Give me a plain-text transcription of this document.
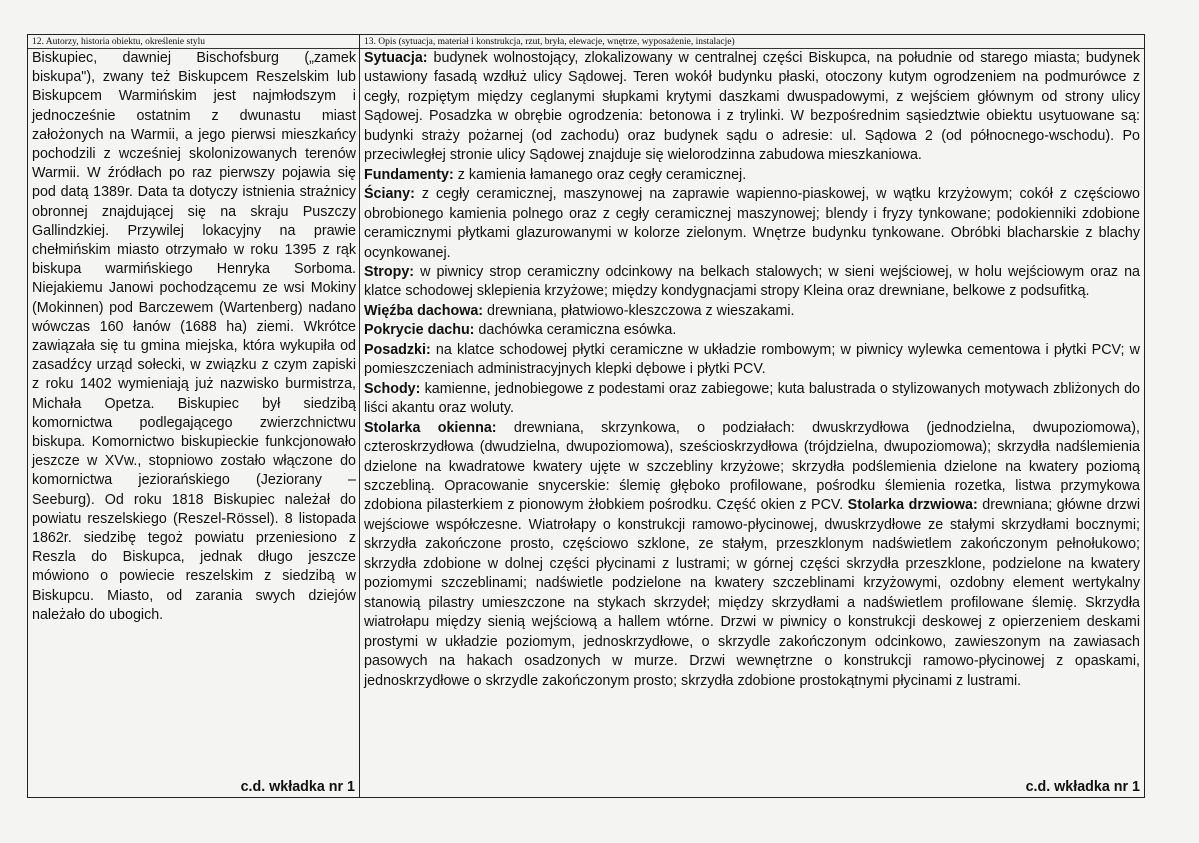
12. Autorzy, historia obiektu, określenie stylu

Biskupiec, dawniej Bischofsburg („zamek biskupa"), zwany też Biskupcem Reszelskim lub Biskupcem Warmińskim jest najmłodszym i jednocześnie ostatnim z dwunastu miast założonych na Warmii, a jego pierwsi mieszkańcy pochodzili z wcześniej skolonizowanych terenów Warmii. W źródłach po raz pierwszy pojawia się pod datą 1389r. Data ta dotyczy istnienia strażnicy obronnej znajdującej się na skraju Puszczy Gallindzkiej. Przywilej lokacyjny na prawie chełmińskim miasto otrzymało w roku 1395 z rąk biskupa warmińskiego Henryka Sorboma. Niejakiemu Janowi pochodzącemu ze wsi Mokiny (Mokinnen) pod Barczewem (Wartenberg) nadano wówczas 160 łanów (1688 ha) ziemi. Wkrótce zawiązała się tu gmina miejska, która wykupiła od zasadźcy urząd sołecki, w związku z czym zapiski z roku 1402 wymieniają już nazwisko burmistrza, Michała Opetza. Biskupiec był siedzibą komornictwa podlegającego zwierzchnictwu biskupa. Komornictwo biskupieckie funkcjonowało jeszcze w XVw., stopniowo zostało włączone do komornictwa jeziorańskiego (Jeziorany – Seeburg). Od roku 1818 Biskupiec należał do powiatu reszelskiego (Reszel-Rössel). 8 listopada 1862r. siedzibę tegoż powiatu przeniesiono z Reszla do Biskupca, jednak długo jeszcze mówiono o powiecie reszelskim z siedzibą w Biskupcu. Miasto, od zarania swych dziejów należało do ubogich.

c.d. wkładka nr 1
13. Opis (sytuacja, materiał i konstrukcja, rzut, bryła, elewacje, wnętrze, wyposażenie, instalacje)

Sytuacja: budynek wolnostojący, zlokalizowany w centralnej części Biskupca, na południe od starego miasta; budynek ustawiony fasadą wzdłuż ulicy Sądowej. Teren wokół budynku płaski, otoczony kutym ogrodzeniem na podmurówce z cegły, rozpiętym między ceglanymi słupkami krytymi daszkami dwuspadowymi, z wejściem głównym od strony ulicy Sądowej. Posadzka w obrębie ogrodzenia: betonowa i z trylinki. W bezpośrednim sąsiedztwie obiektu usytuowane są: budynki straży pożarnej (od zachodu) oraz budynek sądu o adresie: ul. Sądowa 2 (od północnego-wschodu). Po przeciwległej stronie ulicy Sądowej znajduje się wielorodzinna zabudowa mieszkaniowa.

Fundamenty: z kamienia łamanego oraz cegły ceramicznej.

Ściany: z cegły ceramicznej, maszynowej na zaprawie wapienno-piaskowej, w wątku krzyżowym; cokół z częściowo obrobionego kamienia polnego oraz z cegły ceramicznej maszynowej; blendy i fryzy tynkowane; podokienniki zdobione ceramicznymi płytkami glazurowanymi w kolorze zielonym. Wnętrze budynku tynkowane. Obróbki blacharskie z blachy ocynkowanej.

Stropy: w piwnicy strop ceramiczny odcinkowy na belkach stalowych; w sieni wejściowej, w holu wejściowym oraz na klatce schodowej sklepienia krzyżowe; między kondygnacjami stropy Kleina oraz drewniane, belkowe z podsufitką.

Więźba dachowa: drewniana, płatwiowo-kleszczowa z wieszakami.

Pokrycie dachu: dachówka ceramiczna esówka.

Posadzki: na klatce schodowej płytki ceramiczne w układzie rombowym; w piwnicy wylewka cementowa i płytki PCV; w pomieszczeniach administracyjnych klepki dębowe i płytki PCV.

Schody: kamienne, jednobiegowe z podestami oraz zabiegowe; kuta balustrada o stylizowanych motywach zbliżonych do liści akantu oraz woluty.

Stolarka okienna: drewniana, skrzynkowa, o podziałach: dwuskrzydłowa (jednodzielna, dwupoziomowa), czteroskrzydłowa (dwudzielna, dwupoziomowa), sześcioskrzydłowa (trójdzielna, dwupoziomowa); skrzydła nadślemienia dzielone na kwadratowe kwatery ujęte w szczebliny krzyżowe; skrzydła podślemienia dzielone na kwatery poziomą szczebliną. Opracowanie snycerskie: ślemię głęboko profilowane, pośrodku ślemienia rozetka, listwa przymykowa zdobiona pilasterkiem z pionowym żłobkiem pośrodku. Część okien z PCV. Stolarka drzwiowa: drewniana; główne drzwi wejściowe współczesne. Wiatrołapy o konstrukcji ramowo-płycinowej, dwuskrzydłowe ze stałymi skrzydłami bocznymi; skrzydła zakończone prosto, częściowo szklone, ze stałym, przeszklonym nadświetlem zakończonym pełnołukowo; skrzydła zdobione w dolnej części płycinami z lustrami; w górnej części skrzydła przeszklone, podzielone na kwatery poziomymi szczeblinami; nadświetle podzielone na kwatery szczeblinami krzyżowymi, ozdobny element wertykalny stanowią pilastry umieszczone na stykach skrzydeł; między skrzydłami a nadświetlem profilowane ślemię. Skrzydła wiatrołapu między sienią wejściową a hallem wtórne. Drzwi w piwnicy o konstrukcji deskowej z opierzeniem deskami prostymi w układzie poziomym, jednoskrzydłowe, o skrzydle zakończonym odcinkowo, zawieszonym na zawiasach pasowych na hakach osadzonych w murze. Drzwi wewnętrzne o konstrukcji ramowo-płycinowej z opaskami, jednoskrzydłowe o skrzydle zakończonym prosto; skrzydła zdobione prostokątnymi płycinami z lustrami.

c.d. wkładka nr 1
